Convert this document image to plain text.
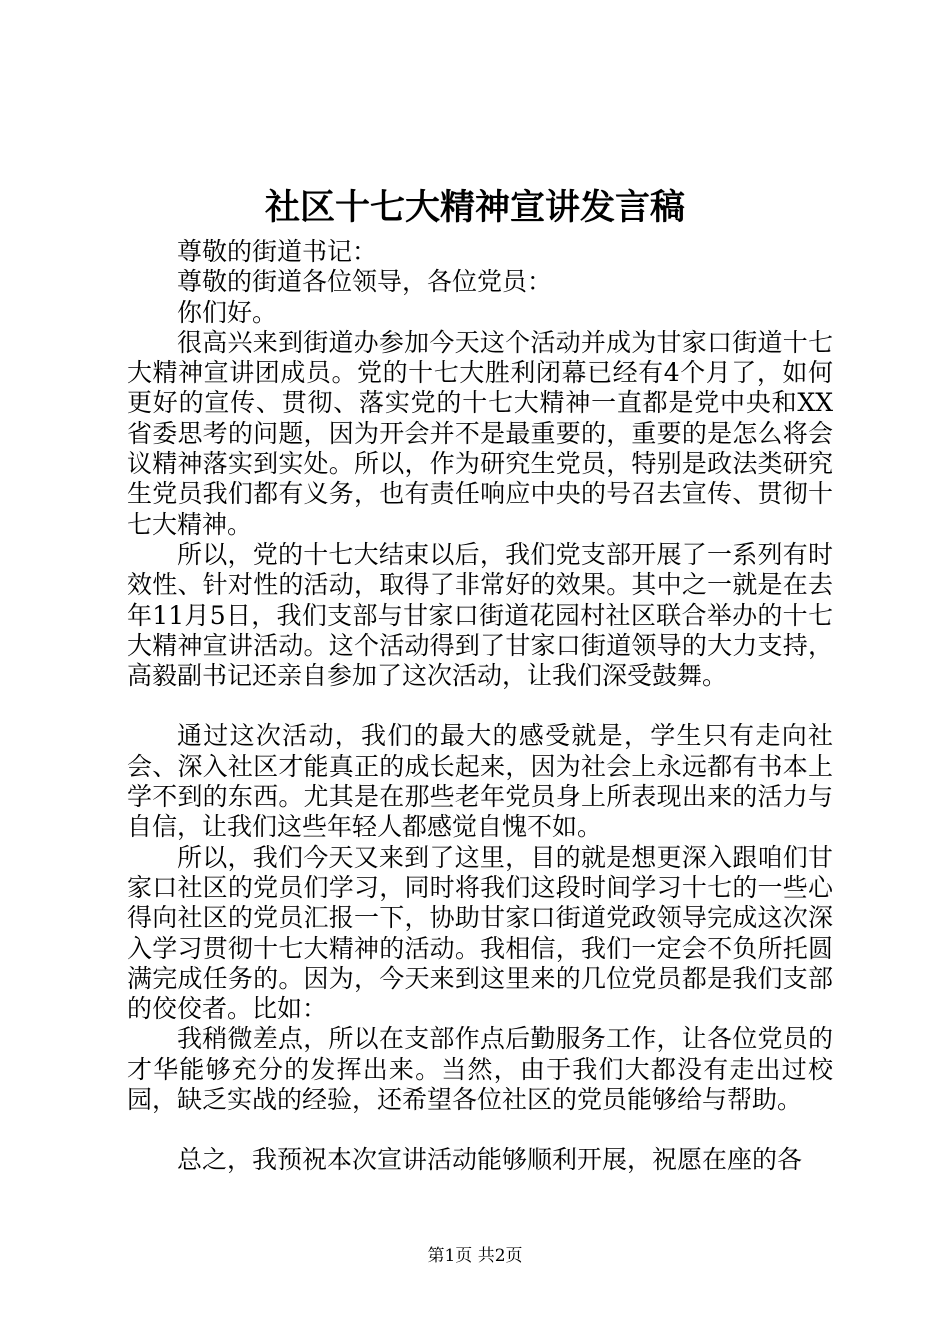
社区十七大精神宣讲发言稿

尊敬的街道书记：

尊敬的街道各位领导，各位党员：

你们好。

很高兴来到街道办参加今天这个活动并成为甘家口街道十七大精神宣讲团成员。党的十七大胜利闭幕已经有4个月了，如何更好的宣传、贯彻、落实党的十七大精神一直都是党中央和XX省委思考的问题，因为开会并不是最重要的，重要的是怎么将会议精神落实到实处。所以，作为研究生党员，特别是政法类研究生党员我们都有义务，也有责任响应中央的号召去宣传、贯彻十七大精神。

所以，党的十七大结束以后，我们党支部开展了一系列有时效性、针对性的活动，取得了非常好的效果。其中之一就是在去年11月5日，我们支部与甘家口街道花园村社区联合举办的十七大精神宣讲活动。这个活动得到了甘家口街道领导的大力支持，高毅副书记还亲自参加了这次活动，让我们深受鼓舞。

通过这次活动，我们的最大的感受就是，学生只有走向社会、深入社区才能真正的成长起来，因为社会上永远都有书本上学不到的东西。尤其是在那些老年党员身上所表现出来的活力与自信，让我们这些年轻人都感觉自愧不如。

所以，我们今天又来到了这里，目的就是想更深入跟咱们甘家口社区的党员们学习，同时将我们这段时间学习十七的一些心得向社区的党员汇报一下，协助甘家口街道党政领导完成这次深入学习贯彻十七大精神的活动。我相信，我们一定会不负所托圆满完成任务的。因为，今天来到这里来的几位党员都是我们支部的佼佼者。比如：

我稍微差点，所以在支部作点后勤服务工作，让各位党员的才华能够充分的发挥出来。当然，由于我们大都没有走出过校园，缺乏实战的经验，还希望各位社区的党员能够给与帮助。

总之，我预祝本次宣讲活动能够顺利开展，祝愿在座的各

第1页 共2页
